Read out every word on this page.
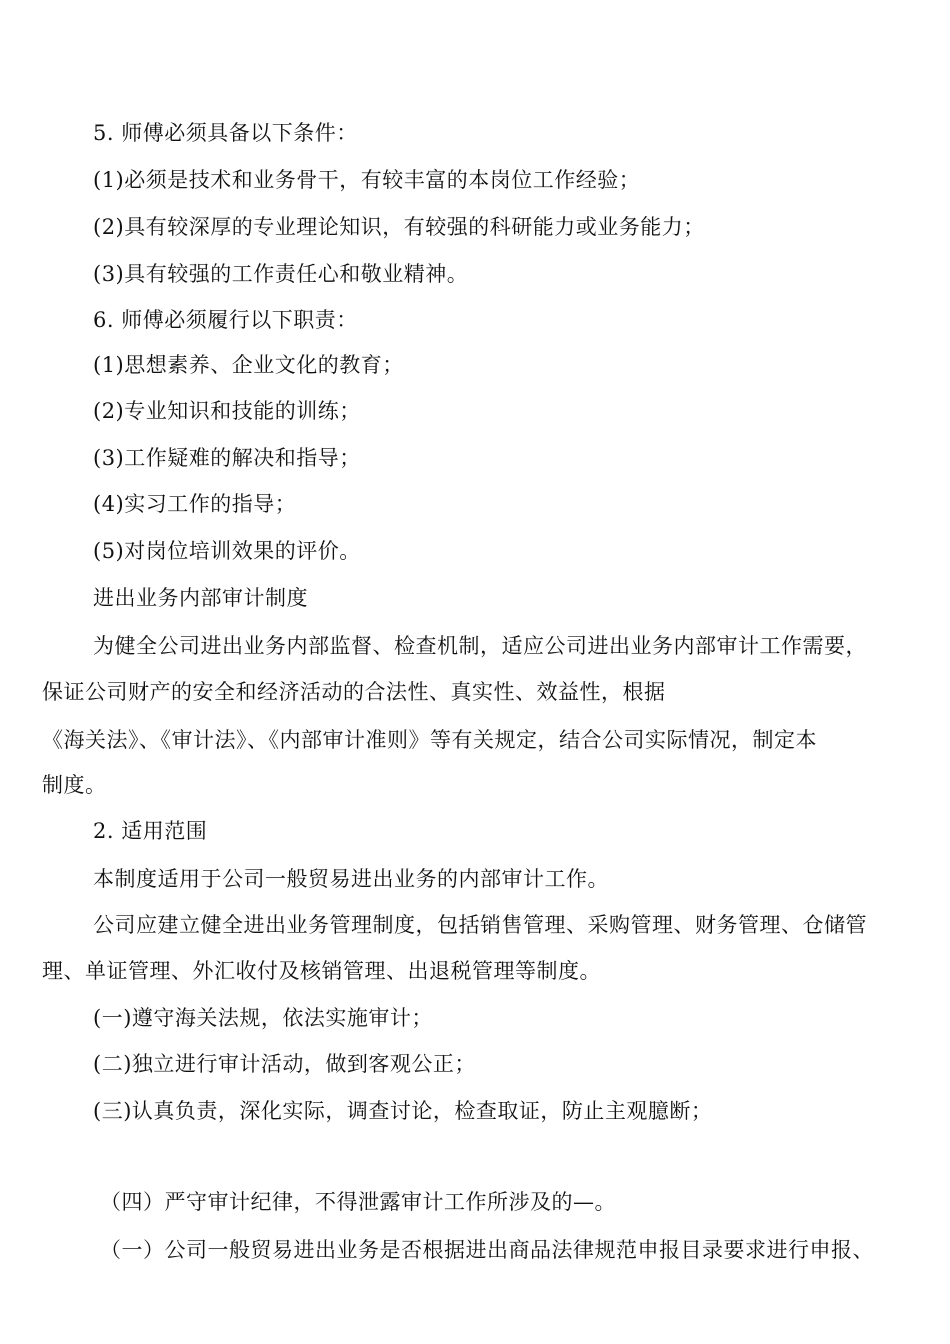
5. 师傅必须具备以下条件：
(1)必须是技术和业务骨干，有较丰富的本岗位工作经验；
(2)具有较深厚的专业理论知识，有较强的科研能力或业务能力；
(3)具有较强的工作责任心和敬业精神。
6. 师傅必须履行以下职责：
(1)思想素养、企业文化的教育；
(2)专业知识和技能的训练；
(3)工作疑难的解决和指导；
(4)实习工作的指导；
(5)对岗位培训效果的评价。
进出业务内部审计制度
为健全公司进出业务内部监督、检查机制，适应公司进出业务内部审计工作需要，
保证公司财产的安全和经济活动的合法性、真实性、效益性，根据
《海关法》、《审计法》、《内部审计准则》等有关规定，结合公司实际情况，制定本
制度。
2. 适用范围
本制度适用于公司一般贸易进出业务的内部审计工作。
公司应建立健全进出业务管理制度，包括销售管理、采购管理、财务管理、仓储管
理、单证管理、外汇收付及核销管理、出退税管理等制度。
(一)遵守海关法规，依法实施审计；
(二)独立进行审计活动，做到客观公正；
(三)认真负责，深化实际，调查讨论，检查取证，防止主观臆断；
（四）严守审计纪律，不得泄露审计工作所涉及的—。
（一）公司一般贸易进出业务是否根据进出商品法律规范申报目录要求进行申报、
